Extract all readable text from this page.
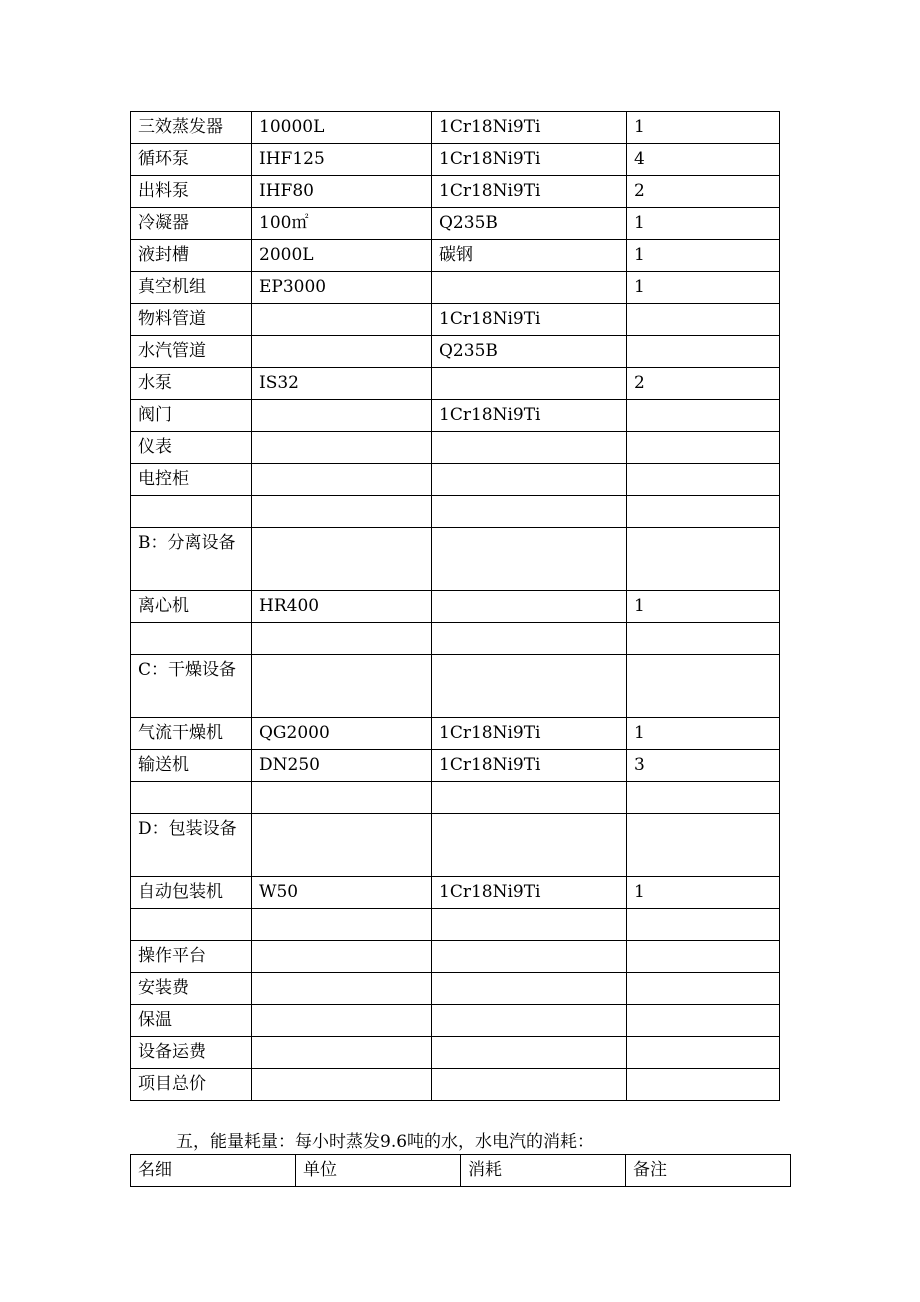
三效蒸发器	10000L	1Cr18Ni9Ti	1
循环泵	IHF125	1Cr18Ni9Ti	4
出料泵	IHF80	1Cr18Ni9Ti	2
冷凝器	100㎡	Q235B	1
液封槽	2000L	碳钢	1
真空机组	EP3000		1
物料管道		1Cr18Ni9Ti	
水汽管道		Q235B	
水泵	IS32		2
阀门		1Cr18Ni9Ti	
仪表			
电控柜			

B：分离设备			
离心机	HR400		1

C：干燥设备			
气流干燥机	QG2000	1Cr18Ni9Ti	1
输送机	DN250	1Cr18Ni9Ti	3

D：包装设备			
自动包装机	W50	1Cr18Ni9Ti	1

操作平台			
安装费			
保温			
设备运费			
项目总价			
五，能量耗量：每小时蒸发9.6吨的水，水电汽的消耗：
名细	单位	消耗	备注
